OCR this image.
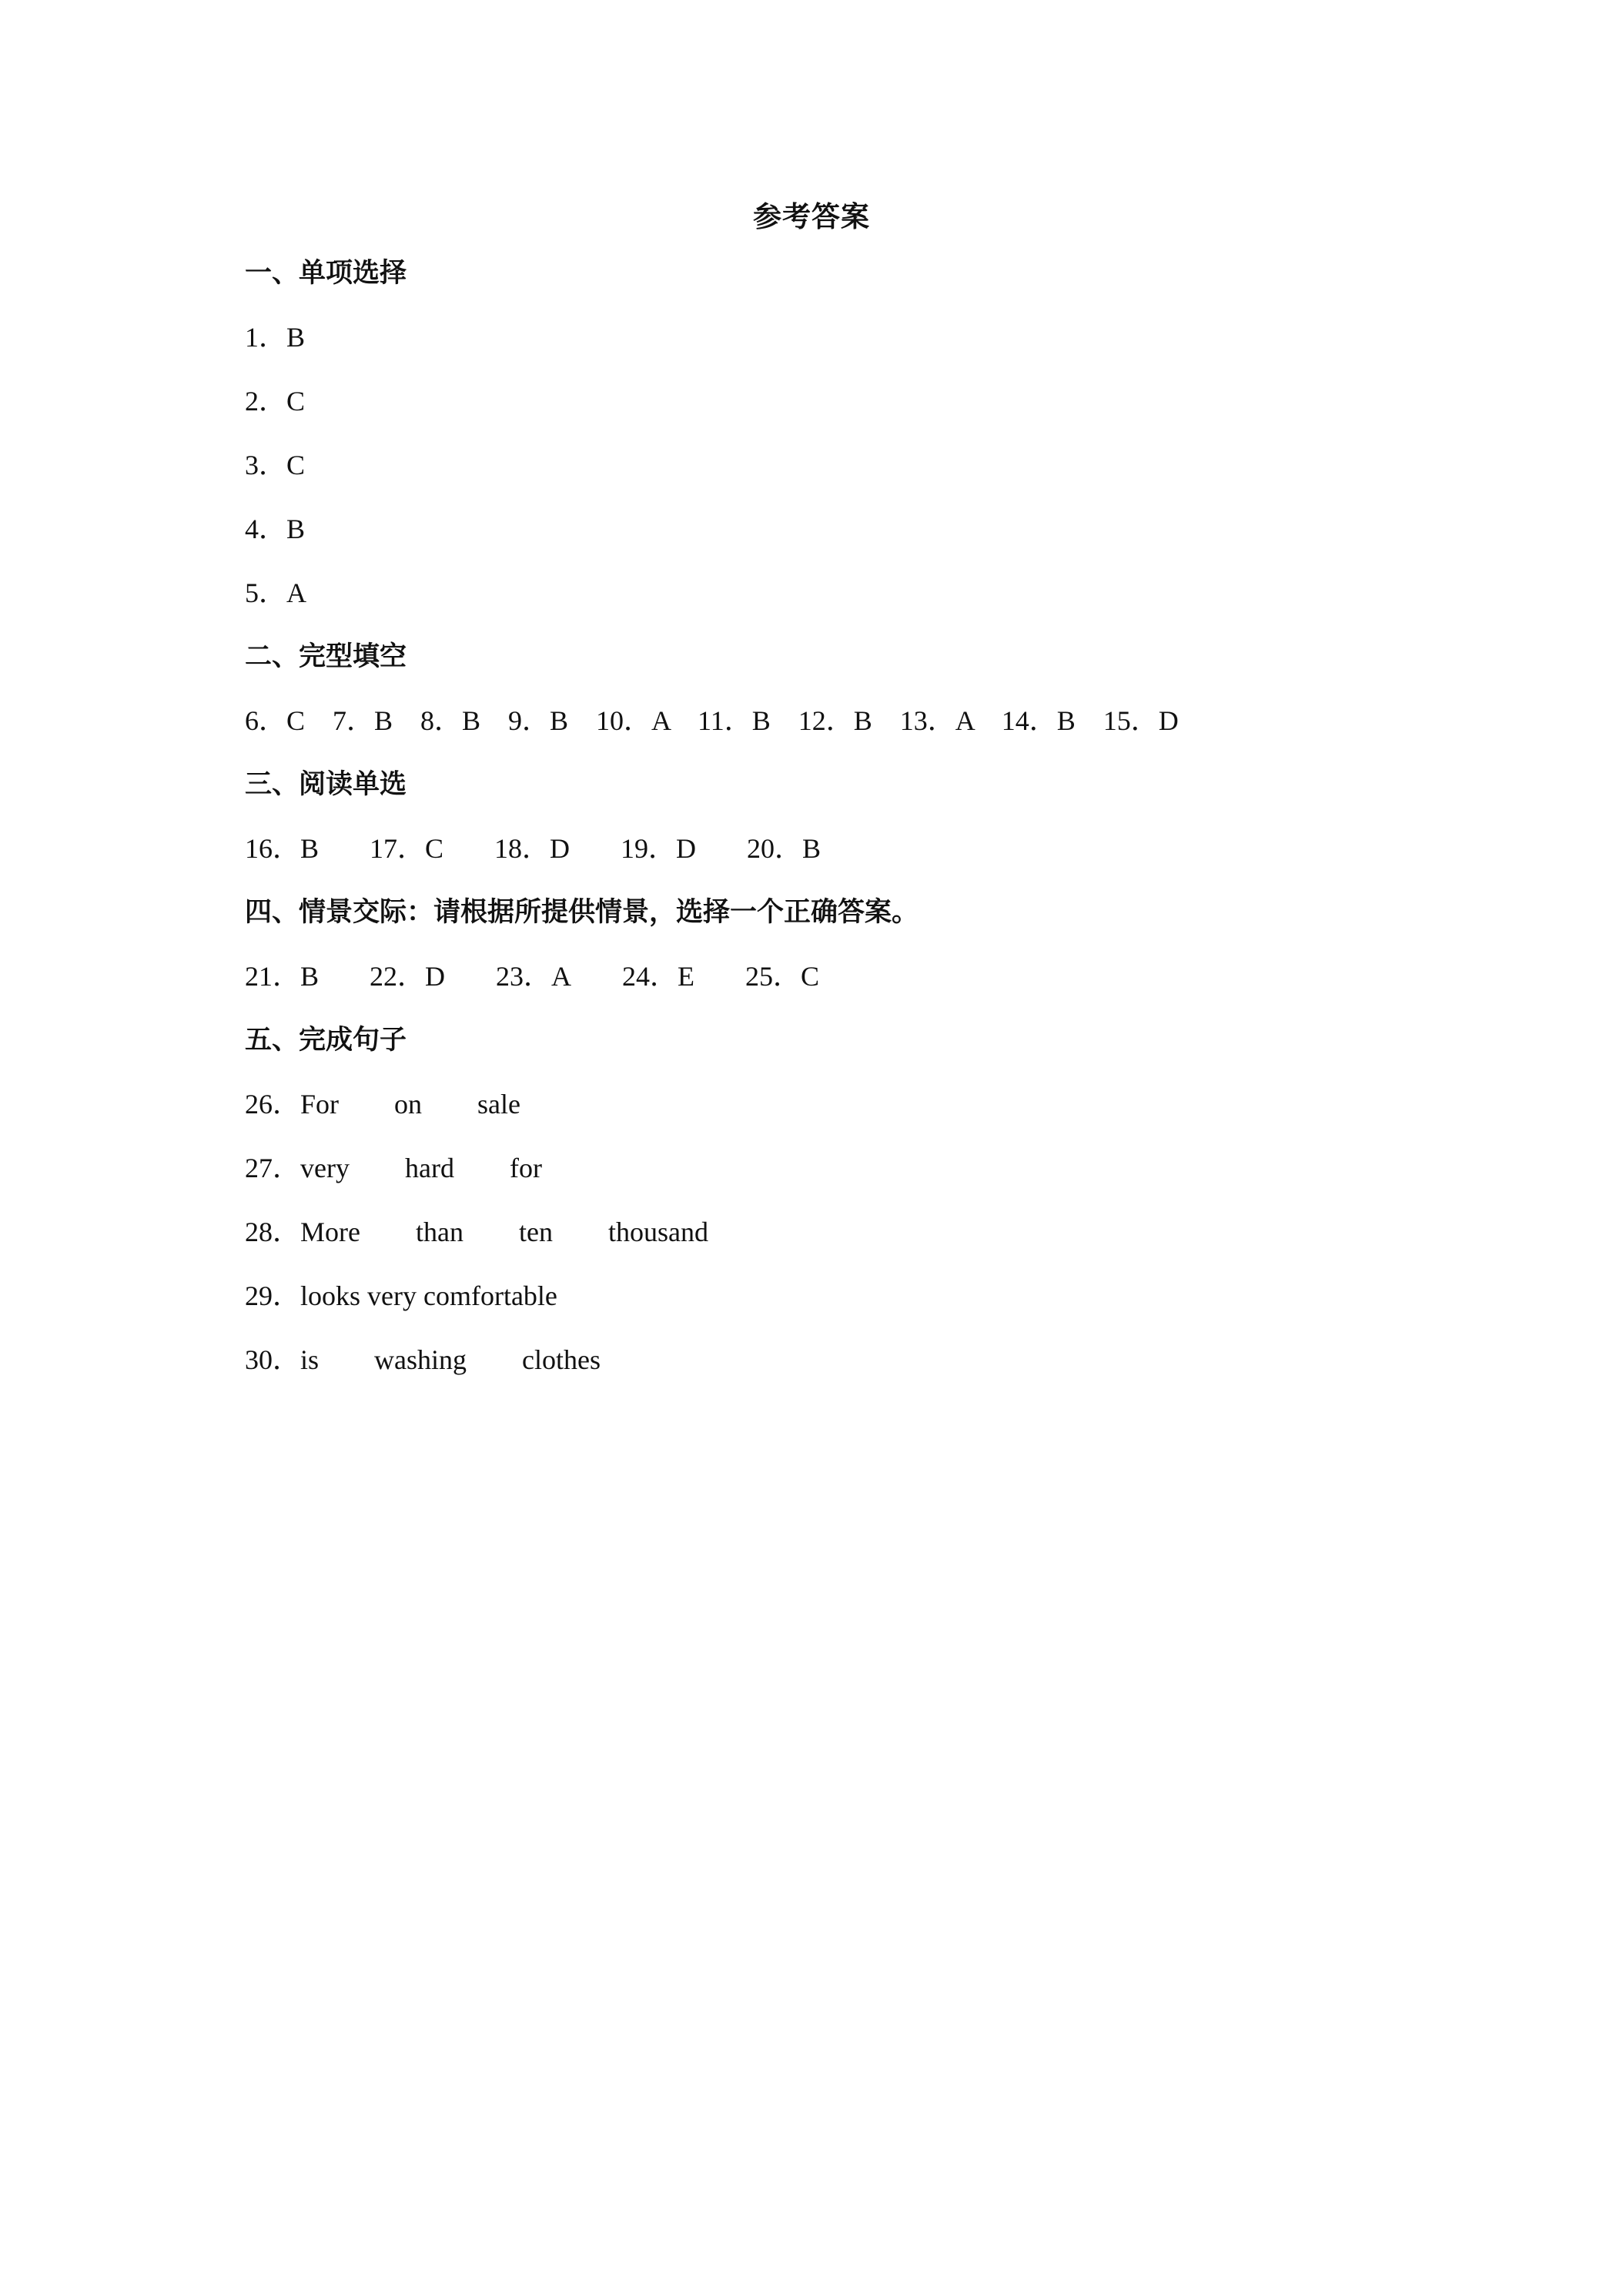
参考答案
一、单项选择
1．B
2．C
3．C
4．B
5．A
二、完型填空
6．C　7．B　8．B　9．B　10．A　11．B　12．B　13．A　14．B　15．D
三、阅读单选
16．B 17．C 18．D 19．D 20．B
四、情景交际：请根据所提供情景，选择一个正确答案。
21．B 22．D 23．A 24．E 25．C
五、完成句子
26．For on sale
27．very hard for
28．More than ten thousand
29．looks very comfortable
30．is washing clothes
